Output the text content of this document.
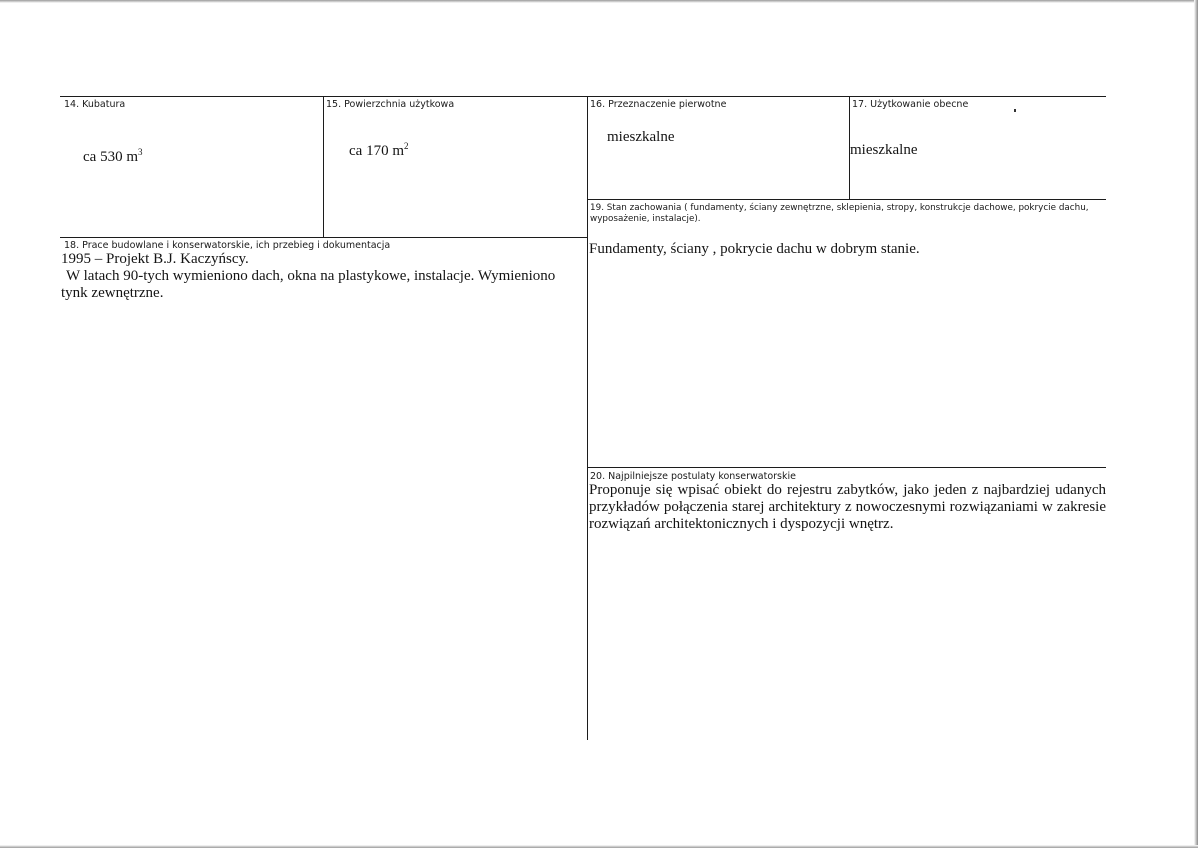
14. Kubatura
ca 530 $m^3$
15. Powierzchnia użytkowa
ca 170 $m^2$
16. Przeznaczenie pierwotne
mieszkalne
17. Użytkowanie obecne
mieszkalne
19. Stan zachowania ( fundamenty, ściany zewnętrzne, sklepienia, stropy, konstrukcje dachowe, pokrycie dachu,
wyposażenie, instalacje).
Fundamenty, ściany , pokrycie dachu w dobrym stanie.
18. Prace budowlane i konserwatorskie, ich przebieg i dokumentacja
1995 – Projekt B.J. Kaczyńscy.
W latach 90-tych wymieniono dach, okna na plastykowe, instalacje. Wymieniono
tynk zewnętrzne.
20. Najpilniejsze postulaty konserwatorskie
Proponuje się wpisać obiekt do rejestru zabytków, jako jeden z najbardziej udanych przykładów połączenia starej architektury z nowoczesnymi rozwiązaniami w zakresie rozwiązań architektonicznych i dyspozycji wnętrz.
